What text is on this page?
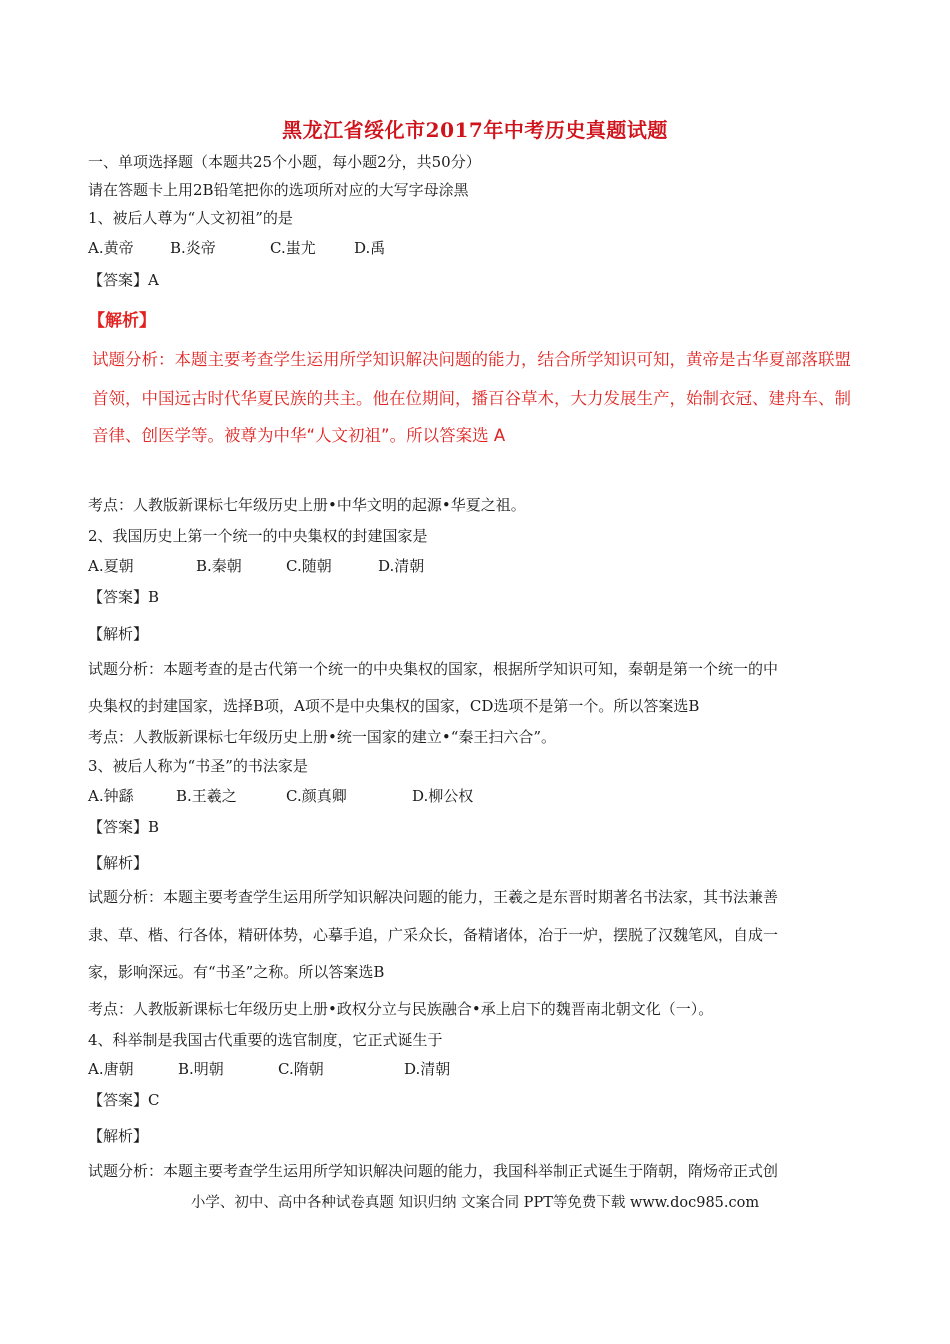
黑龙江省绥化市2017年中考历史真题试题
一、单项选择题（本题共25个小题，每小题2分，共50分）
请在答题卡上用2B铅笔把你的选项所对应的大写字母涂黑
1、被后人尊为“人文初祖”的是
A.黄帝 B.炎帝	C.蚩尤	D.禹
【答案】A
【解析】
试题分析：本题主要考查学生运用所学知识解决问题的能力，结合所学知识可知，黄帝是古华夏部落联盟
首领，中国远古时代华夏民族的共主。他在位期间，播百谷草木，大力发展生产，始制衣冠、建舟车、制
音律、创医学等。被尊为中华“人文初祖”。所以答案选 A
考点：人教版新课标七年级历史上册•中华文明的起源•华夏之祖。
2、我国历史上第一个统一的中央集权的封建国家是
A.夏朝	B.秦朝	C.随朝	D.清朝
【答案】B
【解析】
试题分析：本题考查的是古代第一个统一的中央集权的国家，根据所学知识可知，秦朝是第一个统一的中
央集权的封建国家，选择B项，A项不是中央集权的国家，CD选项不是第一个。所以答案选B
考点：人教版新课标七年级历史上册•统一国家的建立•“秦王扫六合”。
3、被后人称为“书圣”的书法家是
A.钟繇	B.王羲之	C.颜真卿	D.柳公权
【答案】B
【解析】
试题分析：本题主要考查学生运用所学知识解决问题的能力，王羲之是东晋时期著名书法家，其书法兼善
隶、草、楷、行各体，精研体势，心摹手追，广采众长，备精诸体，冶于一炉，摆脱了汉魏笔风，自成一
家，影响深远。有“书圣”之称。所以答案选B
考点：人教版新课标七年级历史上册•政权分立与民族融合•承上启下的魏晋南北朝文化（一）。
4、科举制是我国古代重要的选官制度，它正式诞生于
A.唐朝	B.明朝	C.隋朝	D.清朝
【答案】C
【解析】
试题分析：本题主要考查学生运用所学知识解决问题的能力，我国科举制正式诞生于隋朝，隋炀帝正式创
小学、初中、高中各种试卷真题 知识归纳 文案合同 PPT等免费下载 www.doc985.com
